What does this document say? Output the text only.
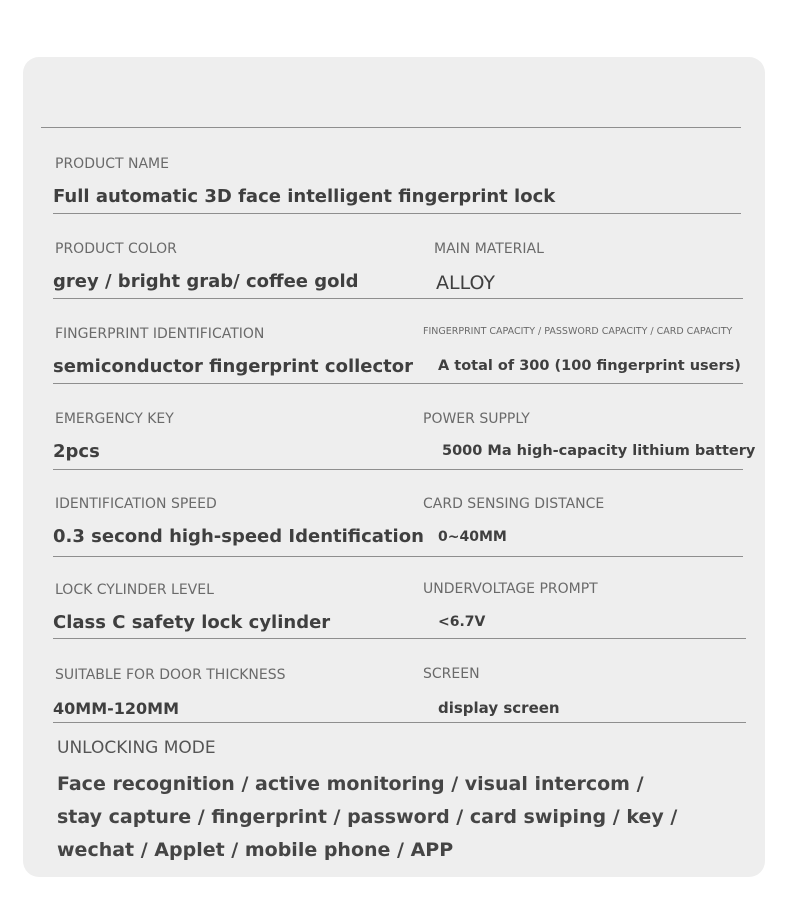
PRODUCT NAME
Full automatic 3D face intelligent fingerprint lock
PRODUCT COLOR
grey / bright grab/ coffee gold
MAIN MATERIAL
ALLOY
FINGERPRINT IDENTIFICATION
semiconductor fingerprint collector
FINGERPRINT CAPACITY / PASSWORD CAPACITY / CARD CAPACITY
A total of 300 (100 fingerprint users)
EMERGENCY KEY
2pcs
POWER SUPPLY
5000 Ma high-capacity lithium battery
IDENTIFICATION SPEED
0.3 second high-speed Identification
CARD SENSING DISTANCE
0~40MM
LOCK CYLINDER LEVEL
Class C safety lock cylinder
UNDERVOLTAGE PROMPT
<6.7V
SUITABLE FOR DOOR THICKNESS
40MM-120MM
SCREEN
display screen
UNLOCKING MODE
Face recognition / active monitoring / visual intercom /
stay capture / fingerprint / password / card swiping / key /
wechat / Applet / mobile phone / APP
